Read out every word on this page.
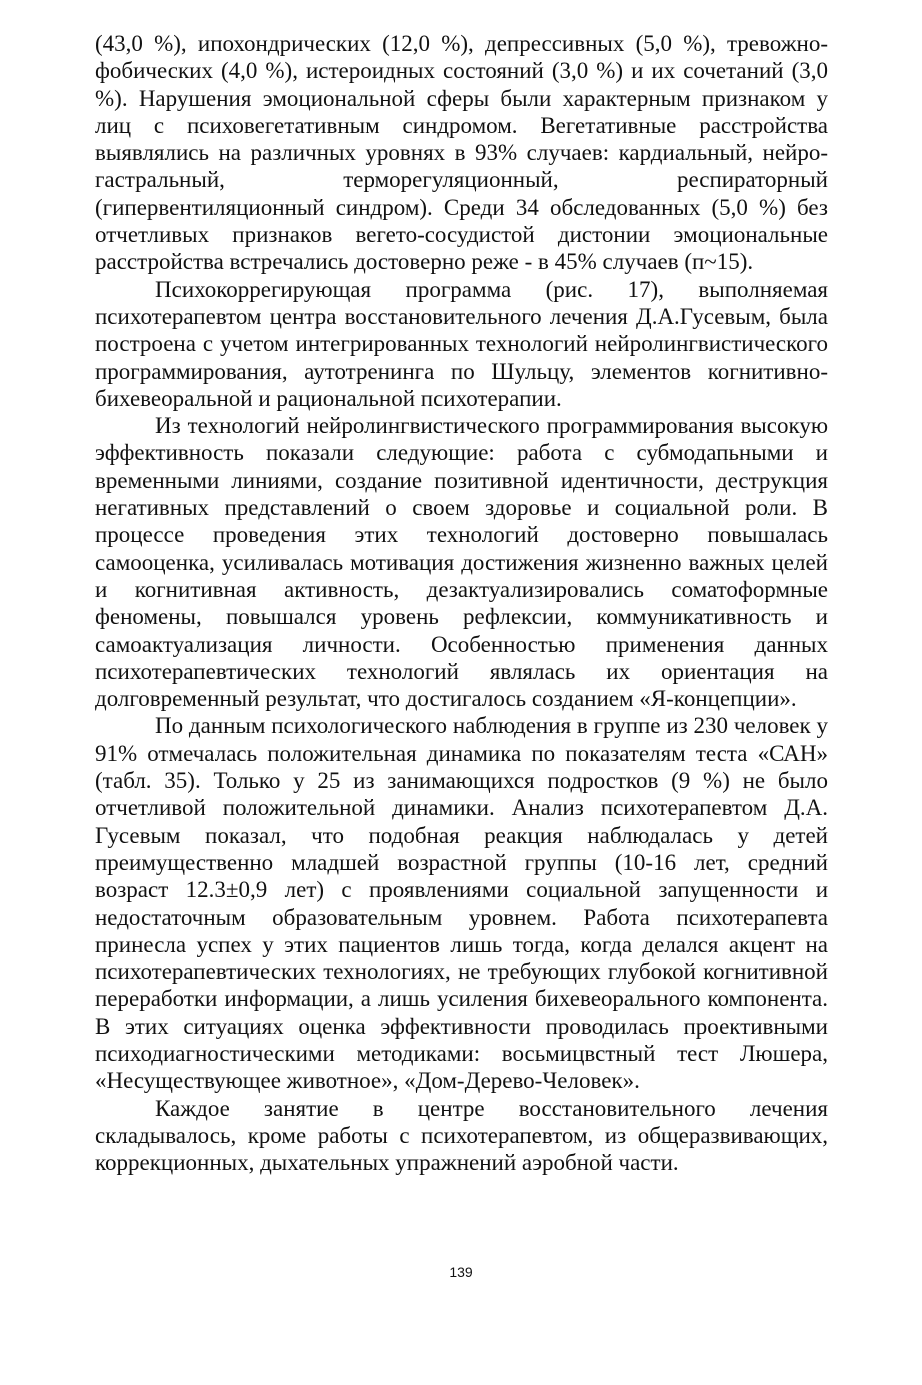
(43,0 %), ипохондрических (12,0 %), депрессивных (5,0 %), тревожно-фобических (4,0 %), истероидных состояний (3,0 %) и их сочетаний (3,0 %). Нарушения эмоциональной сферы были характерным признаком у лиц с психовегетативным синдромом. Вегетативные расстройства выявлялись на различных уровнях в 93% случаев: кардиальный, нейро-гастральный, терморегуляционный, респираторный (гипервентиляционный синдром). Среди 34 обследованных (5,0 %) без отчетливых признаков вегето-сосудистой дистонии эмоциональные расстройства встречались достоверно реже - в 45% случаев (п~15).

Психокоррегирующая программа (рис. 17), выполняемая психотерапевтом центра восстановительного лечения Д.А.Гусевым, была построена с учетом интегрированных технологий нейролингвистического программирования, аутотренинга по Шульцу, элементов когнитивно-бихевеоральной и рациональной психотерапии.

Из технологий нейролингвистического программирования высокую эффективность показали следующие: работа с субмодапьными и временными линиями, создание позитивной идентичности, деструкция негативных представлений о своем здоровье и социальной роли. В процессе проведения этих технологий достоверно повышалась самооценка, усиливалась мотивация достижения жизненно важных целей и когнитивная активность, дезактуализировались соматоформные феномены, повышался уровень рефлексии, коммуникативность и самоактуализация личности. Особенностью применения данных психотерапевтических технологий являлась их ориентация на долговременный результат, что достигалось созданием «Я-концепции».

По данным психологического наблюдения в группе из 230 человек у 91% отмечалась положительная динамика по показателям теста «САН» (табл. 35). Только у 25 из занимающихся подростков (9 %) не было отчетливой положительной динамики. Анализ психотерапевтом Д.А. Гусевым показал, что подобная реакция наблюдалась у детей преимущественно младшей возрастной группы (10-16 лет, средний возраст 12.3±0,9 лет) с проявлениями социальной запущенности и недостаточным образовательным уровнем. Работа психотерапевта принесла успех у этих пациентов лишь тогда, когда делался акцент на психотерапевтических технологиях, не требующих глубокой когнитивной переработки информации, а лишь усиления бихевеорального компонента. В этих ситуациях оценка эффективности проводилась проективными психодиагностическими методиками: восьмицвстный тест Люшера, «Несуществующее животное», «Дом-Дерево-Человек».

Каждое занятие в центре восстановительного лечения складывалось, кроме работы с психотерапевтом, из общеразвивающих, коррекционных, дыхательных упражнений аэробной части.

139
